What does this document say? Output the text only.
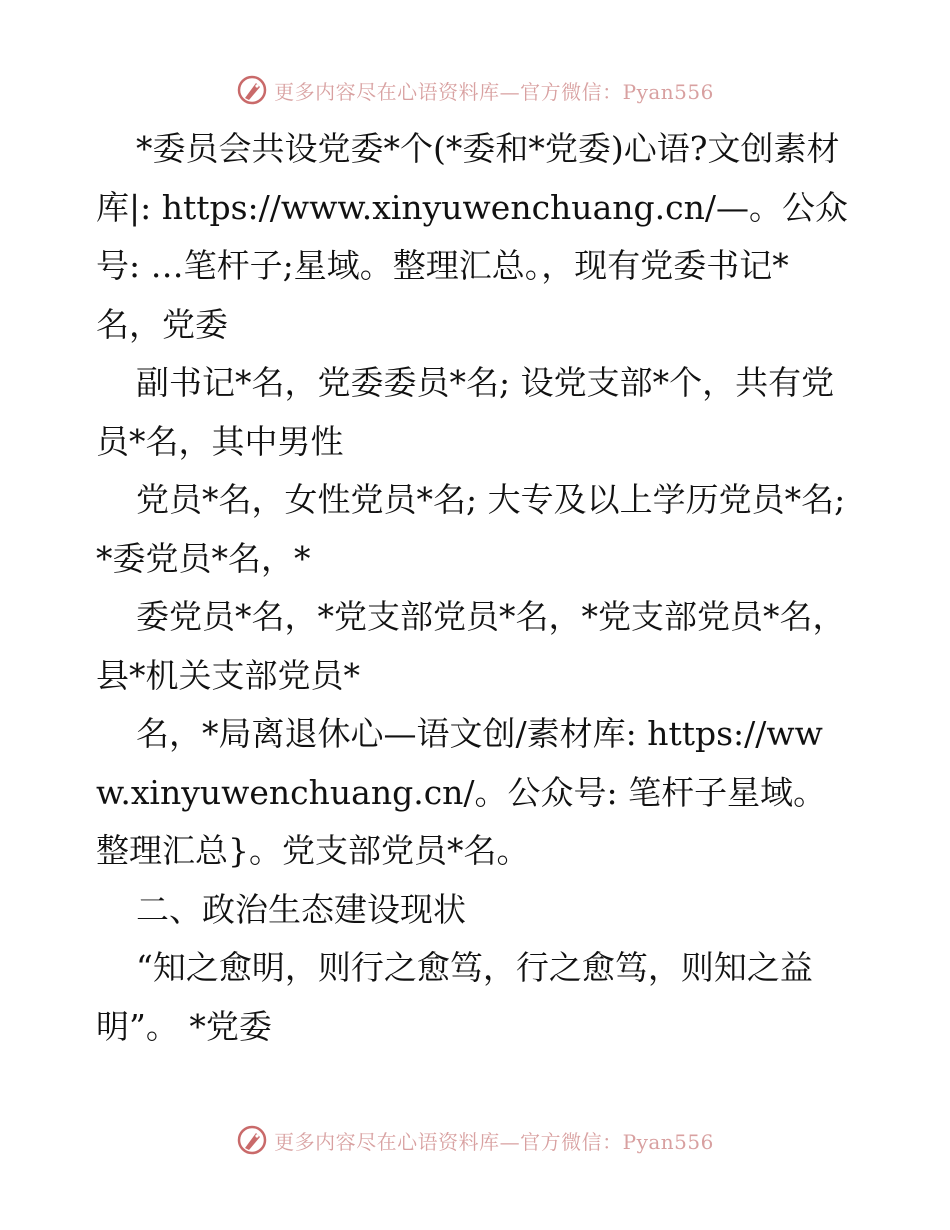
更多内容尽在心语资料库—官方微信：Pyan556

*委员会共设党委*个(*委和*党委)心语?文创素材库|: https://www.xinyuwenchuang.cn/—。公众号: …笔杆子;星域。整理汇总。，现有党委书记* 名，党委

副书记*名，党委委员*名; 设党支部*个，共有党员*名，其中男性

党员*名，女性党员*名; 大专及以上学历党员*名; *委党员*名，*

委党员*名，*党支部党员*名，*党支部党员*名，县*机关支部党员*

名，*局离退休心—语文创/素材库: https://www.xinyuwenchuang.cn/。公众号: 笔杆子星域。整理汇总}。党支部党员*名。

二、政治生态建设现状

“知之愈明，则行之愈笃，行之愈笃，则知之益明”。 *党委

更多内容尽在心语资料库—官方微信：Pyan556
